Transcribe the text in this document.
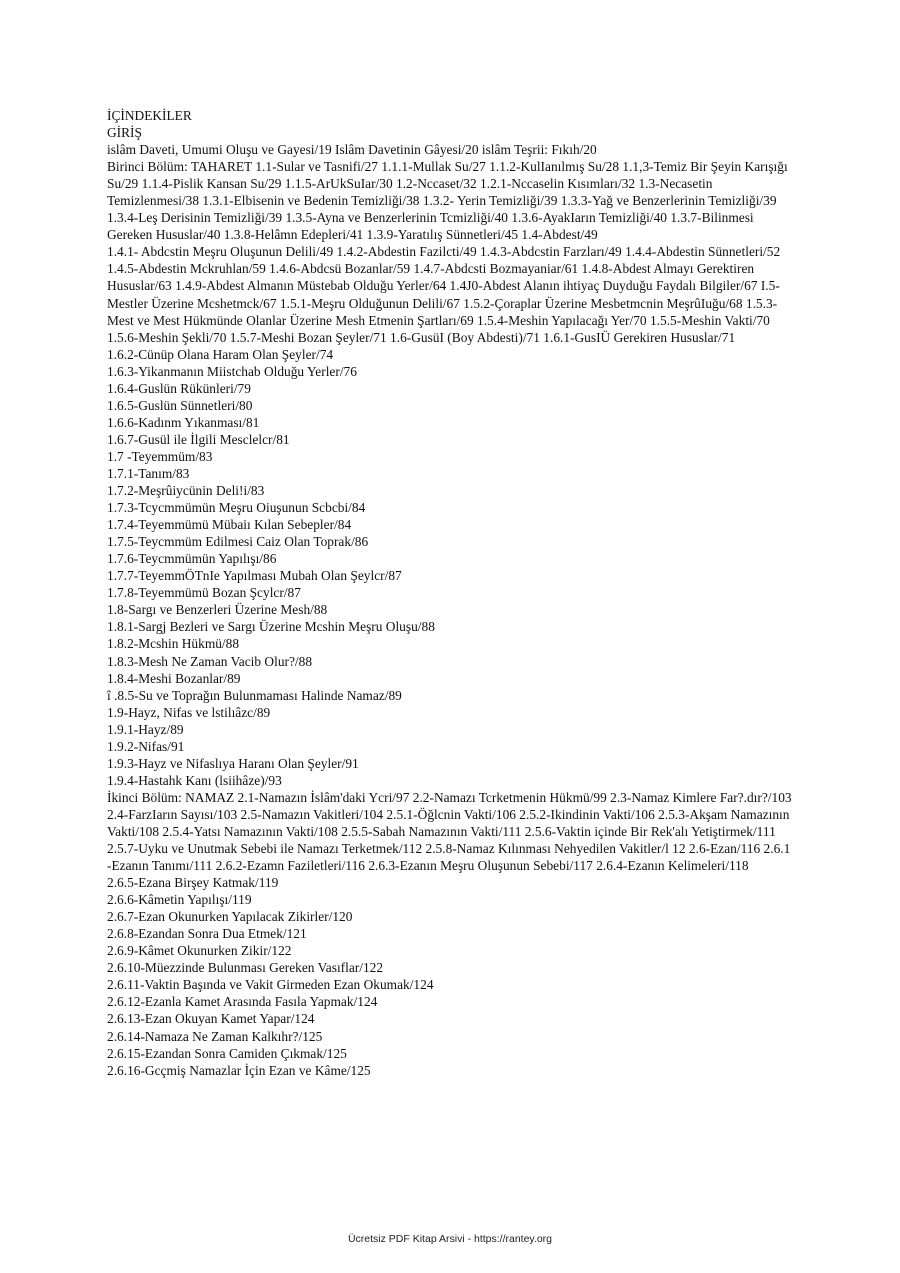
İÇİNDEKİLER
GİRİŞ
islâm Daveti, Umumi Oluşu ve Gayesi/19 Islâm Davetinin Gâyesi/20 islâm Teşrii: Fıkıh/20
Birinci Bölüm: TAHARET 1.1-Sular ve Tasnifi/27 1.1.1-Mullak Su/27 1.1.2-KulIanılmış Su/28 1.1,3-Temiz Bir Şeyin Karışığı Su/29 1.1.4-Pislik Kansan Su/29 1.1.5-ArUkSuIar/30 1.2-Nccaset/32 1.2.1-Nccaselin Kısımları/32 1.3-Necasetin Temizlenmesi/38 1.3.1-Elbisenin ve Bedenin Temizliği/38 1.3.2- Yerin Temizliği/39 1.3.3-Yağ ve Benzerlerinin Temizliği/39 1.3.4-Leş Derisinin Temizliği/39 1.3.5-Ayna ve Benzerlerinin Tcmizliği/40 1.3.6-AyakIarın Temizliği/40 1.3.7-Bilinmesi Gereken Hususlar/40 1.3.8-Helâmn Edepleri/41 1.3.9-Yaratılış Sünnetleri/45 1.4-Abdest/49
1.4.1- Abdcstin Meşru Oluşunun Delili/49 1.4.2-Abdestin Fazilcti/49 1.4.3-Abdcstin Farzları/49 1.4.4-Abdestin Sünnetleri/52 1.4.5-Abdestin Mckruhlan/59 1.4.6-Abdcsü Bozanlar/59 1.4.7-Abdcsti Bozmayaniar/61 1.4.8-Abdest Almayı Gerektiren Hususlar/63 1.4.9-Abdest Almanın Müstebab Olduğu Yerler/64 1.4J0-Abdest Alanın ihtiyaç Duyduğu Faydalı Bilgiler/67 I.5-Mestler Üzerine Mcshetmck/67 1.5.1-Meşru Olduğunun Delili/67 1.5.2-Çoraplar Üzerine Mesbetmcnin MeşrûIuğu/68 1.5.3-Mest ve Mest Hükmünde Olanlar Üzerine Mesh Etmenin Şartları/69 1.5.4-Meshin Yapılacağı Yer/70 1.5.5-Meshin Vakti/70 1.5.6-Meshin Şekli/70 1.5.7-Meshi Bozan Şeyler/71 1.6-GusüI (Boy Abdesti)/71 1.6.1-GusIÜ Gerekiren Hususlar/71
1.6.2-Cünüp Olana Haram Olan Şeyler/74
1.6.3-Yikanmanın Miistchab Olduğu Yerler/76
1.6.4-Guslün Rükünleri/79
1.6.5-Guslün Sünnetleri/80
1.6.6-Kadınm Yıkanması/81
1.6.7-Gusül ile İlgili Mesclelcr/81
1.7 -Teyemmüm/83
1.7.1-Tanım/83
1.7.2-Meşrûiycünin Deli!i/83
1.7.3-Tcycmmümün Meşru Oiuşunun Scbcbi/84
1.7.4-Teyemmümü Mübaiı Kılan Sebepler/84
1.7.5-Teycmmüm Edilmesi Caiz Olan Toprak/86
1.7.6-Teycmmümün Yapılışı/86
1.7.7-TeyemmÖTnIe Yapılması Mubah Olan Şeylcr/87
1.7.8-Teyemmümü Bozan Şcylcr/87
1.8-Sargı ve Benzerleri Üzerine Mesh/88
1.8.1-Sargj Bezleri ve Sargı Üzerine Mcshin Meşru Oluşu/88
1.8.2-Mcshin Hükmü/88
1.8.3-Mesh Ne Zaman Vacib Olur?/88
1.8.4-Meshi Bozanlar/89
î .8.5-Su ve Toprağın Bulunmaması Halinde Namaz/89
1.9-Hayz, Nifas ve lstilıâzc/89
1.9.1-Hayz/89
1.9.2-Nifas/91
1.9.3-Hayz ve Nifaslıya Haranı Olan Şeyler/91
1.9.4-Hastahk Kanı (lsiihâze)/93
İkinci Bölüm: NAMAZ 2.1-Namazın İslâm'daki Ycri/97 2.2-Namazı Tcrketmenin Hükmü/99 2.3-Namaz Kimlere Far?.dır?/103 2.4-FarzIarın Sayısı/103 2.5-Namazın Vakitleri/104 2.5.1-Öğlcnin Vakti/106 2.5.2-Ikindinin Vakti/106 2.5.3-Akşam Namazının Vakti/108 2.5.4-Yatsı Namazının Vakti/108 2.5.5-Sabah Namazının Vakti/111 2.5.6-Vaktin içinde Bir Rek'alı Yetiştirmek/111 2.5.7-Uyku ve Unutmak Sebebi ile Namazı Terketmek/112 2.5.8-Namaz Kılınması Nehyedilen Vakitler/l 12 2.6-Ezan/116 2.6.1 -Ezanın Tanımı/111 2.6.2-Ezamn Faziletleri/116 2.6.3-Ezanın Meşru Oluşunun Sebebi/117 2.6.4-Ezanın Kelimeleri/118
2.6.5-Ezana Birşey Katmak/119
2.6.6-Kâmetin Yapılışı/119
2.6.7-Ezan Okunurken Yapılacak Zikirler/120
2.6.8-Ezandan Sonra Dua Etmek/121
2.6.9-Kâmet Okunurken Zikir/122
2.6.10-Müezzinde Bulunması Gereken Vasıflar/122
2.6.11-Vaktin Başında ve Vakit Girmeden Ezan Okumak/124
2.6.12-Ezanla Kamet Arasında Fasıla Yapmak/124
2.6.13-Ezan Okuyan Kamet Yapar/124
2.6.14-Namaza Ne Zaman Kalkıhr?/125
2.6.15-Ezandan Sonra Camiden Çıkmak/125
2.6.16-Gcçmiş Namazlar İçin Ezan ve Kâme/125
Ücretsiz PDF Kitap Arsivi - https://rantey.org
